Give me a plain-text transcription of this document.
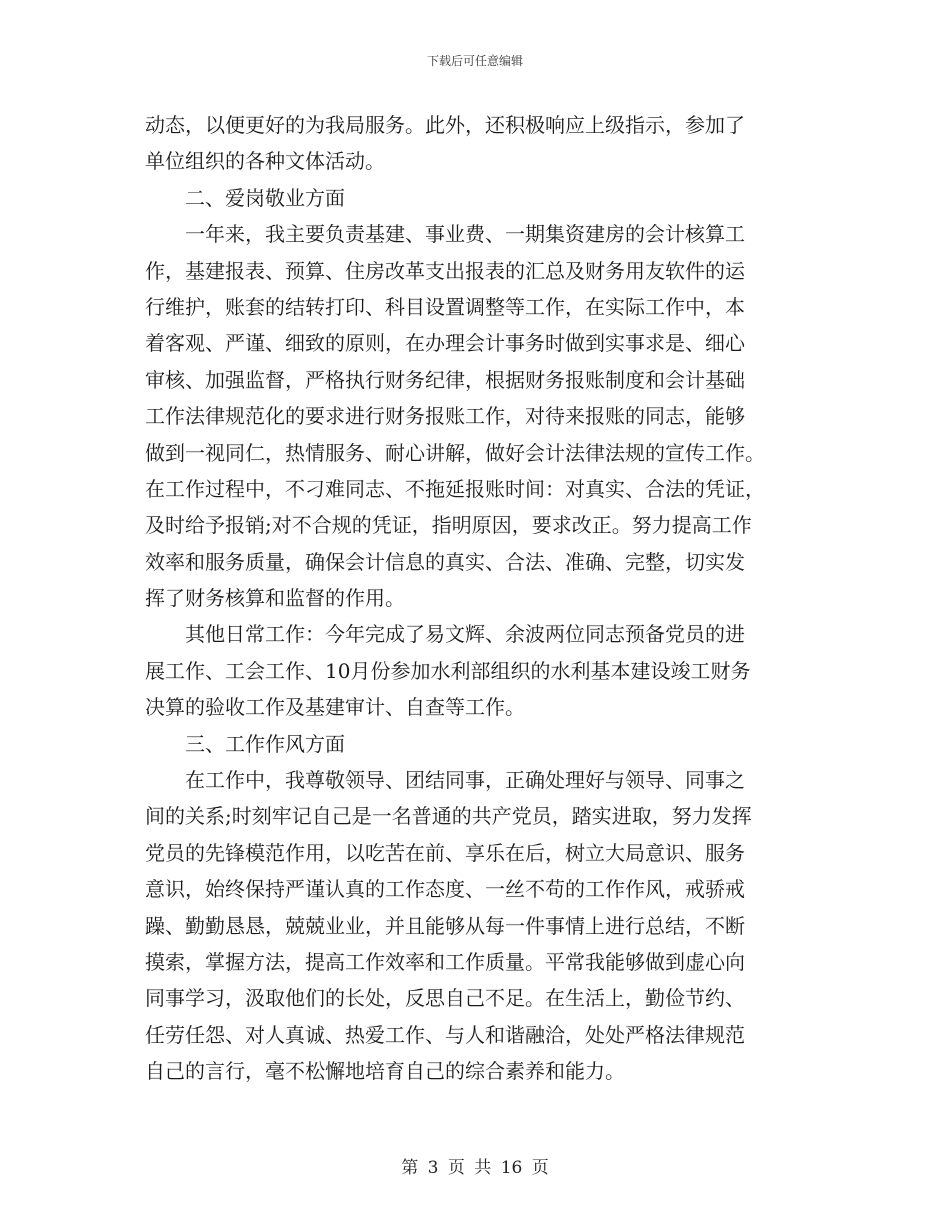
下载后可任意编辑
动态，以便更好的为我局服务。此外，还积极响应上级指示，参加了
单位组织的各种文体活动。
二、爱岗敬业方面
一年来，我主要负责基建、事业费、一期集资建房的会计核算工
作，基建报表、预算、住房改革支出报表的汇总及财务用友软件的运
行维护，账套的结转打印、科目设置调整等工作，在实际工作中，本
着客观、严谨、细致的原则，在办理会计事务时做到实事求是、细心
审核、加强监督，严格执行财务纪律，根据财务报账制度和会计基础
工作法律规范化的要求进行财务报账工作，对待来报账的同志，能够
做到一视同仁，热情服务、耐心讲解，做好会计法律法规的宣传工作。
在工作过程中，不刁难同志、不拖延报账时间：对真实、合法的凭证，
及时给予报销;对不合规的凭证，指明原因，要求改正。努力提高工作
效率和服务质量，确保会计信息的真实、合法、准确、完整，切实发
挥了财务核算和监督的作用。
其他日常工作：今年完成了易文辉、余波两位同志预备党员的进
展工作、工会工作、10月份参加水利部组织的水利基本建设竣工财务
决算的验收工作及基建审计、自查等工作。
三、工作作风方面
在工作中，我尊敬领导、团结同事，正确处理好与领导、同事之
间的关系;时刻牢记自己是一名普通的共产党员，踏实进取，努力发挥
党员的先锋模范作用，以吃苦在前、享乐在后，树立大局意识、服务
意识，始终保持严谨认真的工作态度、一丝不苟的工作作风，戒骄戒
躁、勤勤恳恳，兢兢业业，并且能够从每一件事情上进行总结，不断
摸索，掌握方法，提高工作效率和工作质量。平常我能够做到虚心向
同事学习，汲取他们的长处，反思自己不足。在生活上，勤俭节约、
任劳任怨、对人真诚、热爱工作、与人和谐融洽，处处严格法律规范
自己的言行，毫不松懈地培育自己的综合素养和能力。
第 3 页 共 16 页
